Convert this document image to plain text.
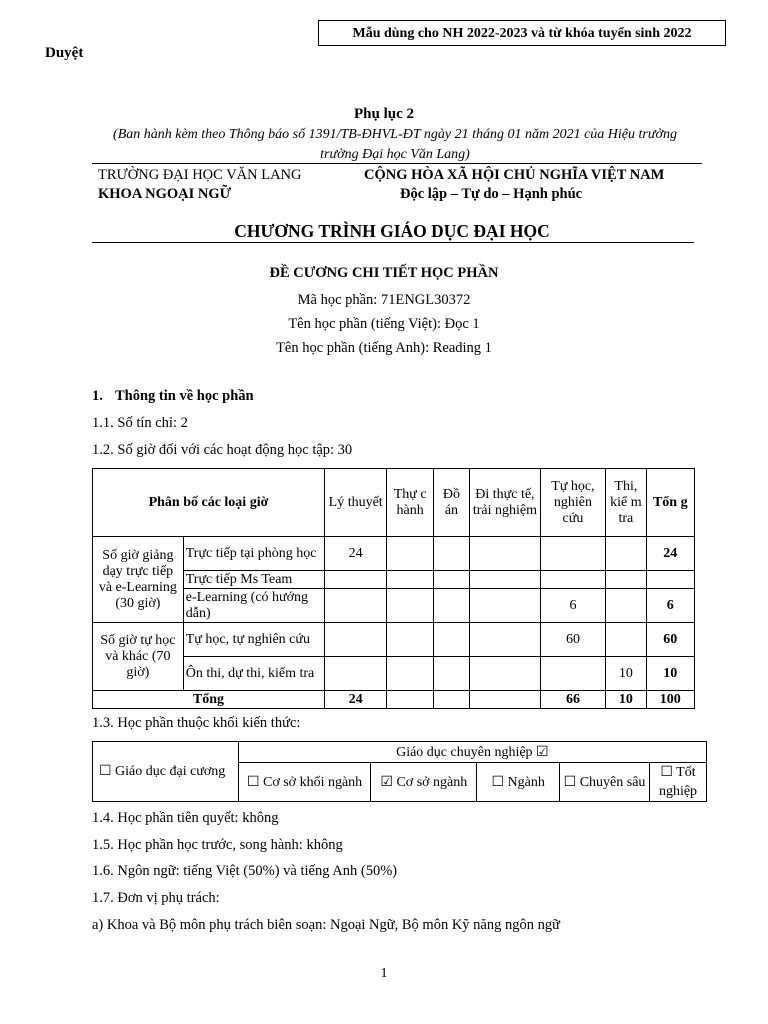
Mẫu dùng cho NH 2022-2023 và từ khóa tuyển sinh 2022
Duyệt
Phụ lục 2
(Ban hành kèm theo Thông báo số 1391/TB-ĐHVL-ĐT ngày 21 tháng 01 năm 2021 của Hiệu trưởng trường Đại học Văn Lang)
TRƯỜNG ĐẠI HỌC VĂN LANG
KHOA NGOẠI NGỮ
CỘNG HÒA XÃ HỘI CHỦ NGHĨA VIỆT NAM
Độc lập – Tự do – Hạnh phúc
CHƯƠNG TRÌNH GIÁO DỤC ĐẠI HỌC
ĐỀ CƯƠNG CHI TIẾT HỌC PHẦN
Mã học phần: 71ENGL30372
Tên học phần (tiếng Việt): Đọc 1
Tên học phần (tiếng Anh): Reading 1
1. Thông tin về học phần
1.1. Số tín chỉ: 2
1.2. Số giờ đối với các hoạt động học tập: 30
Phân bố các loại giờ		Lý thuyết	Thự c hành	Đồ án	Đi thực tế, trải nghiệm	Tự học, nghiên cứu	Thi, kiể m tra	Tổn g
Số giờ giảng dạy trực tiếp và e-Learning (30 giờ)	Trực tiếp tại phòng học	24						24
	Trực tiếp Ms Team							
	e-Learning (có hướng dẫn)					6		6
Số giờ tự học và khác (70 giờ)	Tự học, tự nghiên cứu					60		60
	Ôn thi, dự thi, kiểm tra						10	10
Tổng		24				66	10	100
1.3. Học phần thuộc khối kiến thức:
☐ Giáo dục đại cương	Giáo dục chuyên nghiệp ☑				
	☐ Cơ sở khối ngành	☑ Cơ sở ngành	☐ Ngành	☐ Chuyên sâu	☐ Tốt nghiệp
1.4. Học phần tiên quyết: không
1.5. Học phần học trước, song hành: không
1.6. Ngôn ngữ: tiếng Việt (50%) và tiếng Anh (50%)
1.7. Đơn vị phụ trách:
a) Khoa và Bộ môn phụ trách biên soạn: Ngoại Ngữ, Bộ môn Kỹ năng ngôn ngữ
1
